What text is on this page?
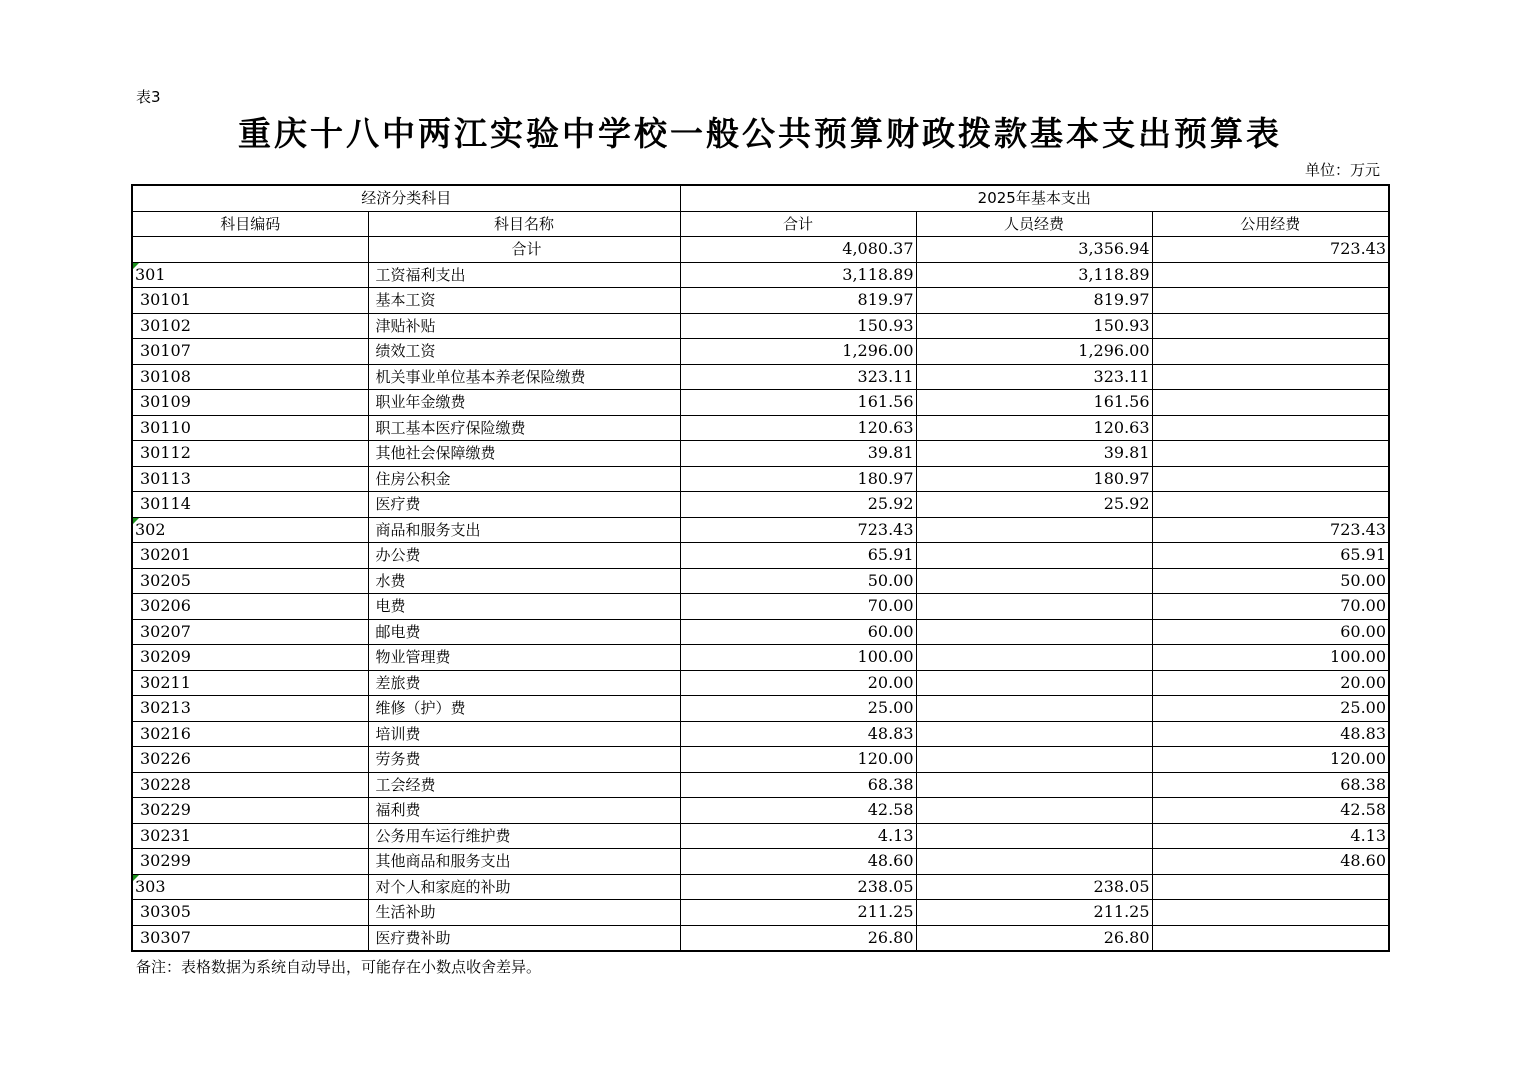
表3
重庆十八中两江实验中学校一般公共预算财政拨款基本支出预算表
单位：万元
经济分类科目		2025年基本支出		
科目编码	科目名称	合计	人员经费	公用经费
	合计	4,080.37	3,356.94	723.43
301	工资福利支出	3,118.89	3,118.89	
30101	基本工资	819.97	819.97	
30102	津贴补贴	150.93	150.93	
30107	绩效工资	1,296.00	1,296.00	
30108	机关事业单位基本养老保险缴费	323.11	323.11	
30109	职业年金缴费	161.56	161.56	
30110	职工基本医疗保险缴费	120.63	120.63	
30112	其他社会保障缴费	39.81	39.81	
30113	住房公积金	180.97	180.97	
30114	医疗费	25.92	25.92	
302	商品和服务支出	723.43		723.43
30201	办公费	65.91		65.91
30205	水费	50.00		50.00
30206	电费	70.00		70.00
30207	邮电费	60.00		60.00
30209	物业管理费	100.00		100.00
30211	差旅费	20.00		20.00
30213	维修（护）费	25.00		25.00
30216	培训费	48.83		48.83
30226	劳务费	120.00		120.00
30228	工会经费	68.38		68.38
30229	福利费	42.58		42.58
30231	公务用车运行维护费	4.13		4.13
30299	其他商品和服务支出	48.60		48.60
303	对个人和家庭的补助	238.05	238.05	
30305	生活补助	211.25	211.25	
30307	医疗费补助	26.80	26.80	
备注：表格数据为系统自动导出，可能存在小数点收舍差异。
